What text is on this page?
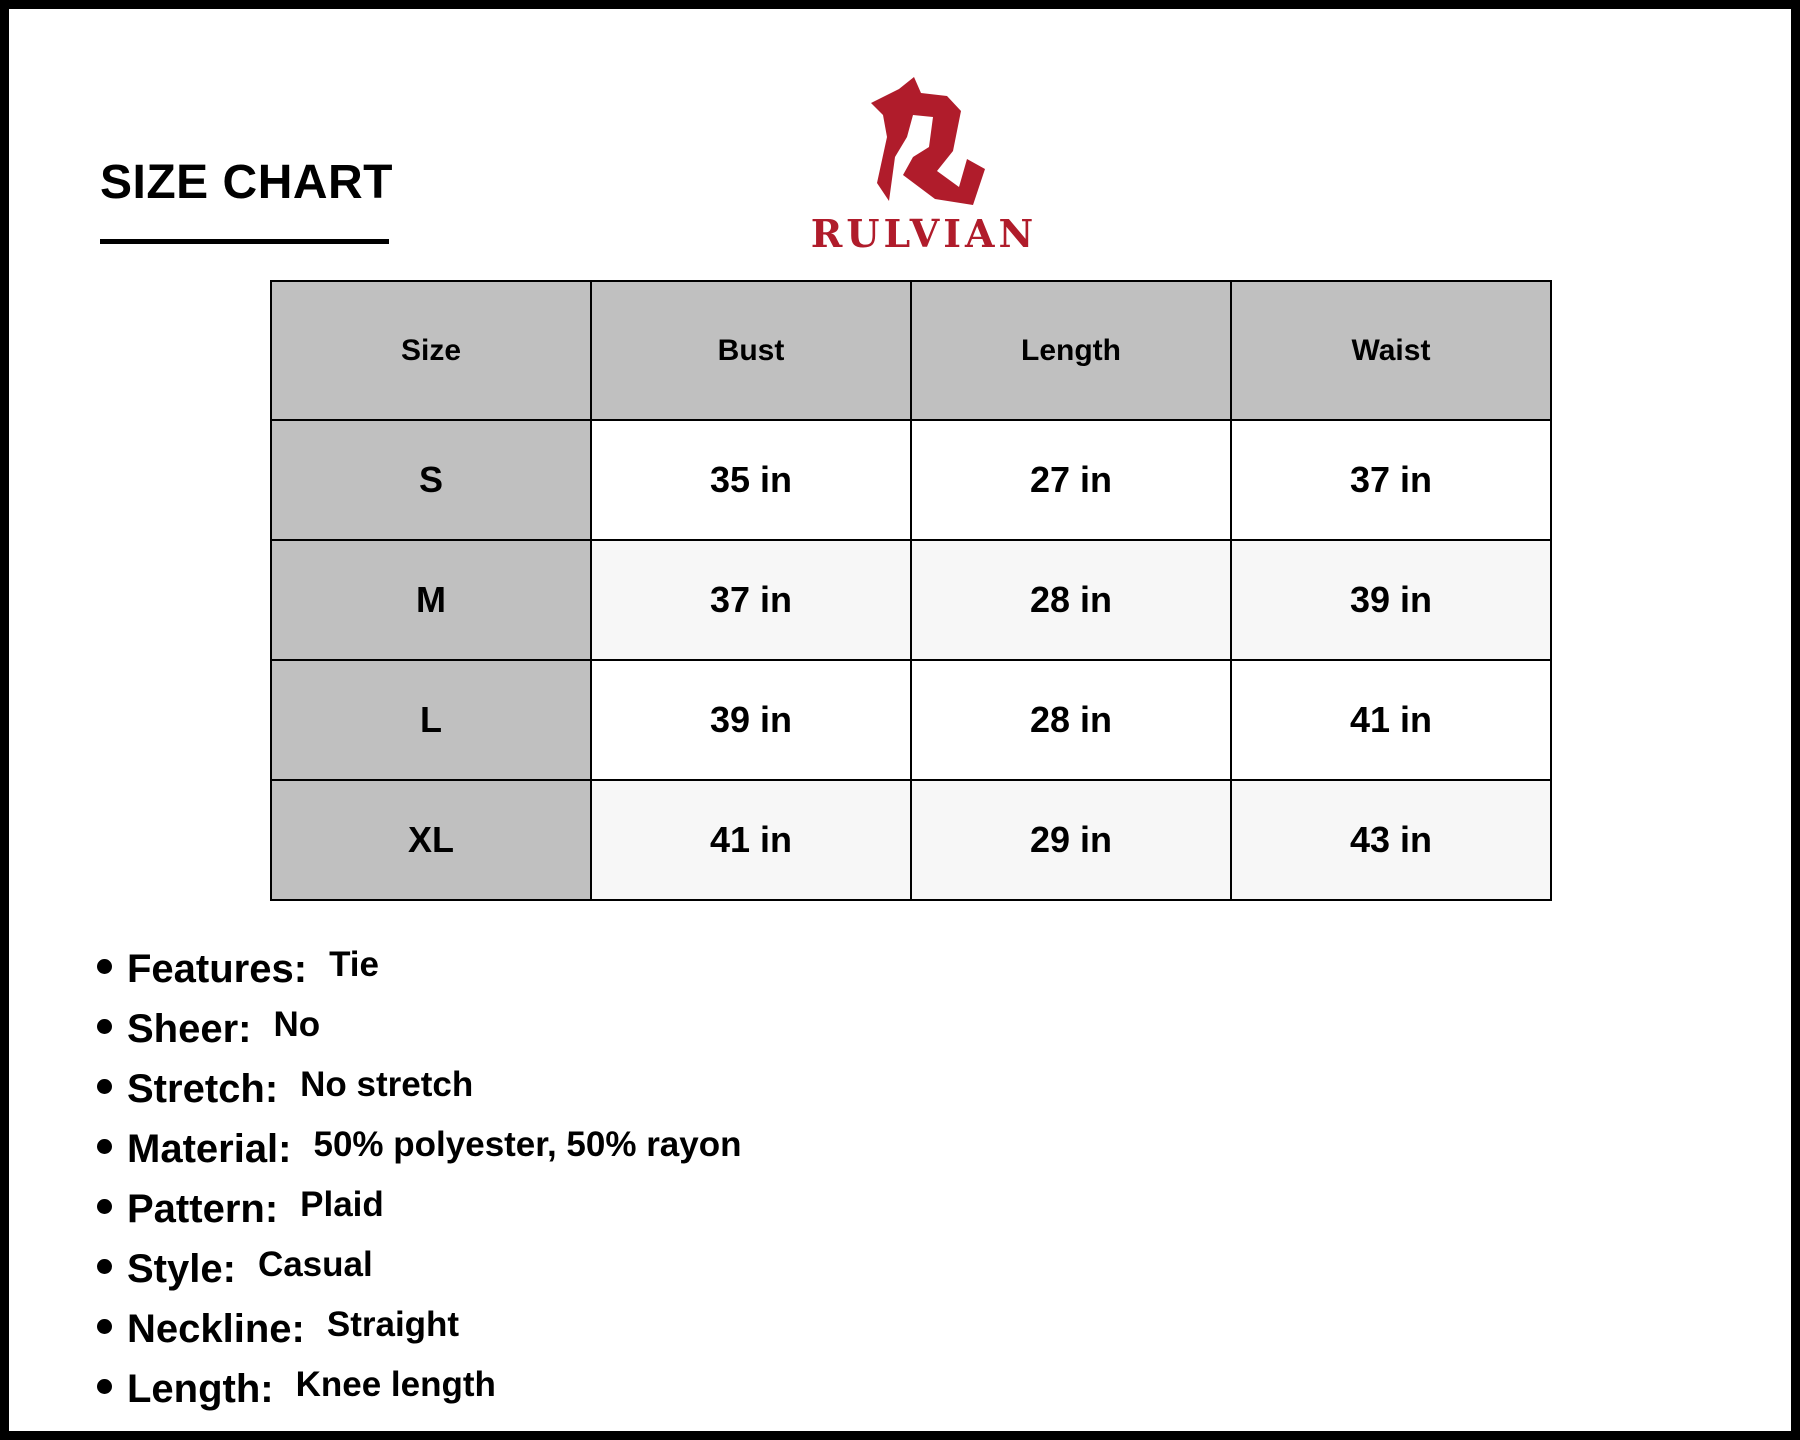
SIZE CHART
RULVIAN
Size	Bust	Length	Waist
S	35 in	27 in	37 in
M	37 in	28 in	39 in
L	39 in	28 in	41 in
XL	41 in	29 in	43 in
Features: Tie
Sheer: No
Stretch: No stretch
Material: 50% polyester, 50% rayon
Pattern: Plaid
Style: Casual
Neckline: Straight
Length: Knee length
